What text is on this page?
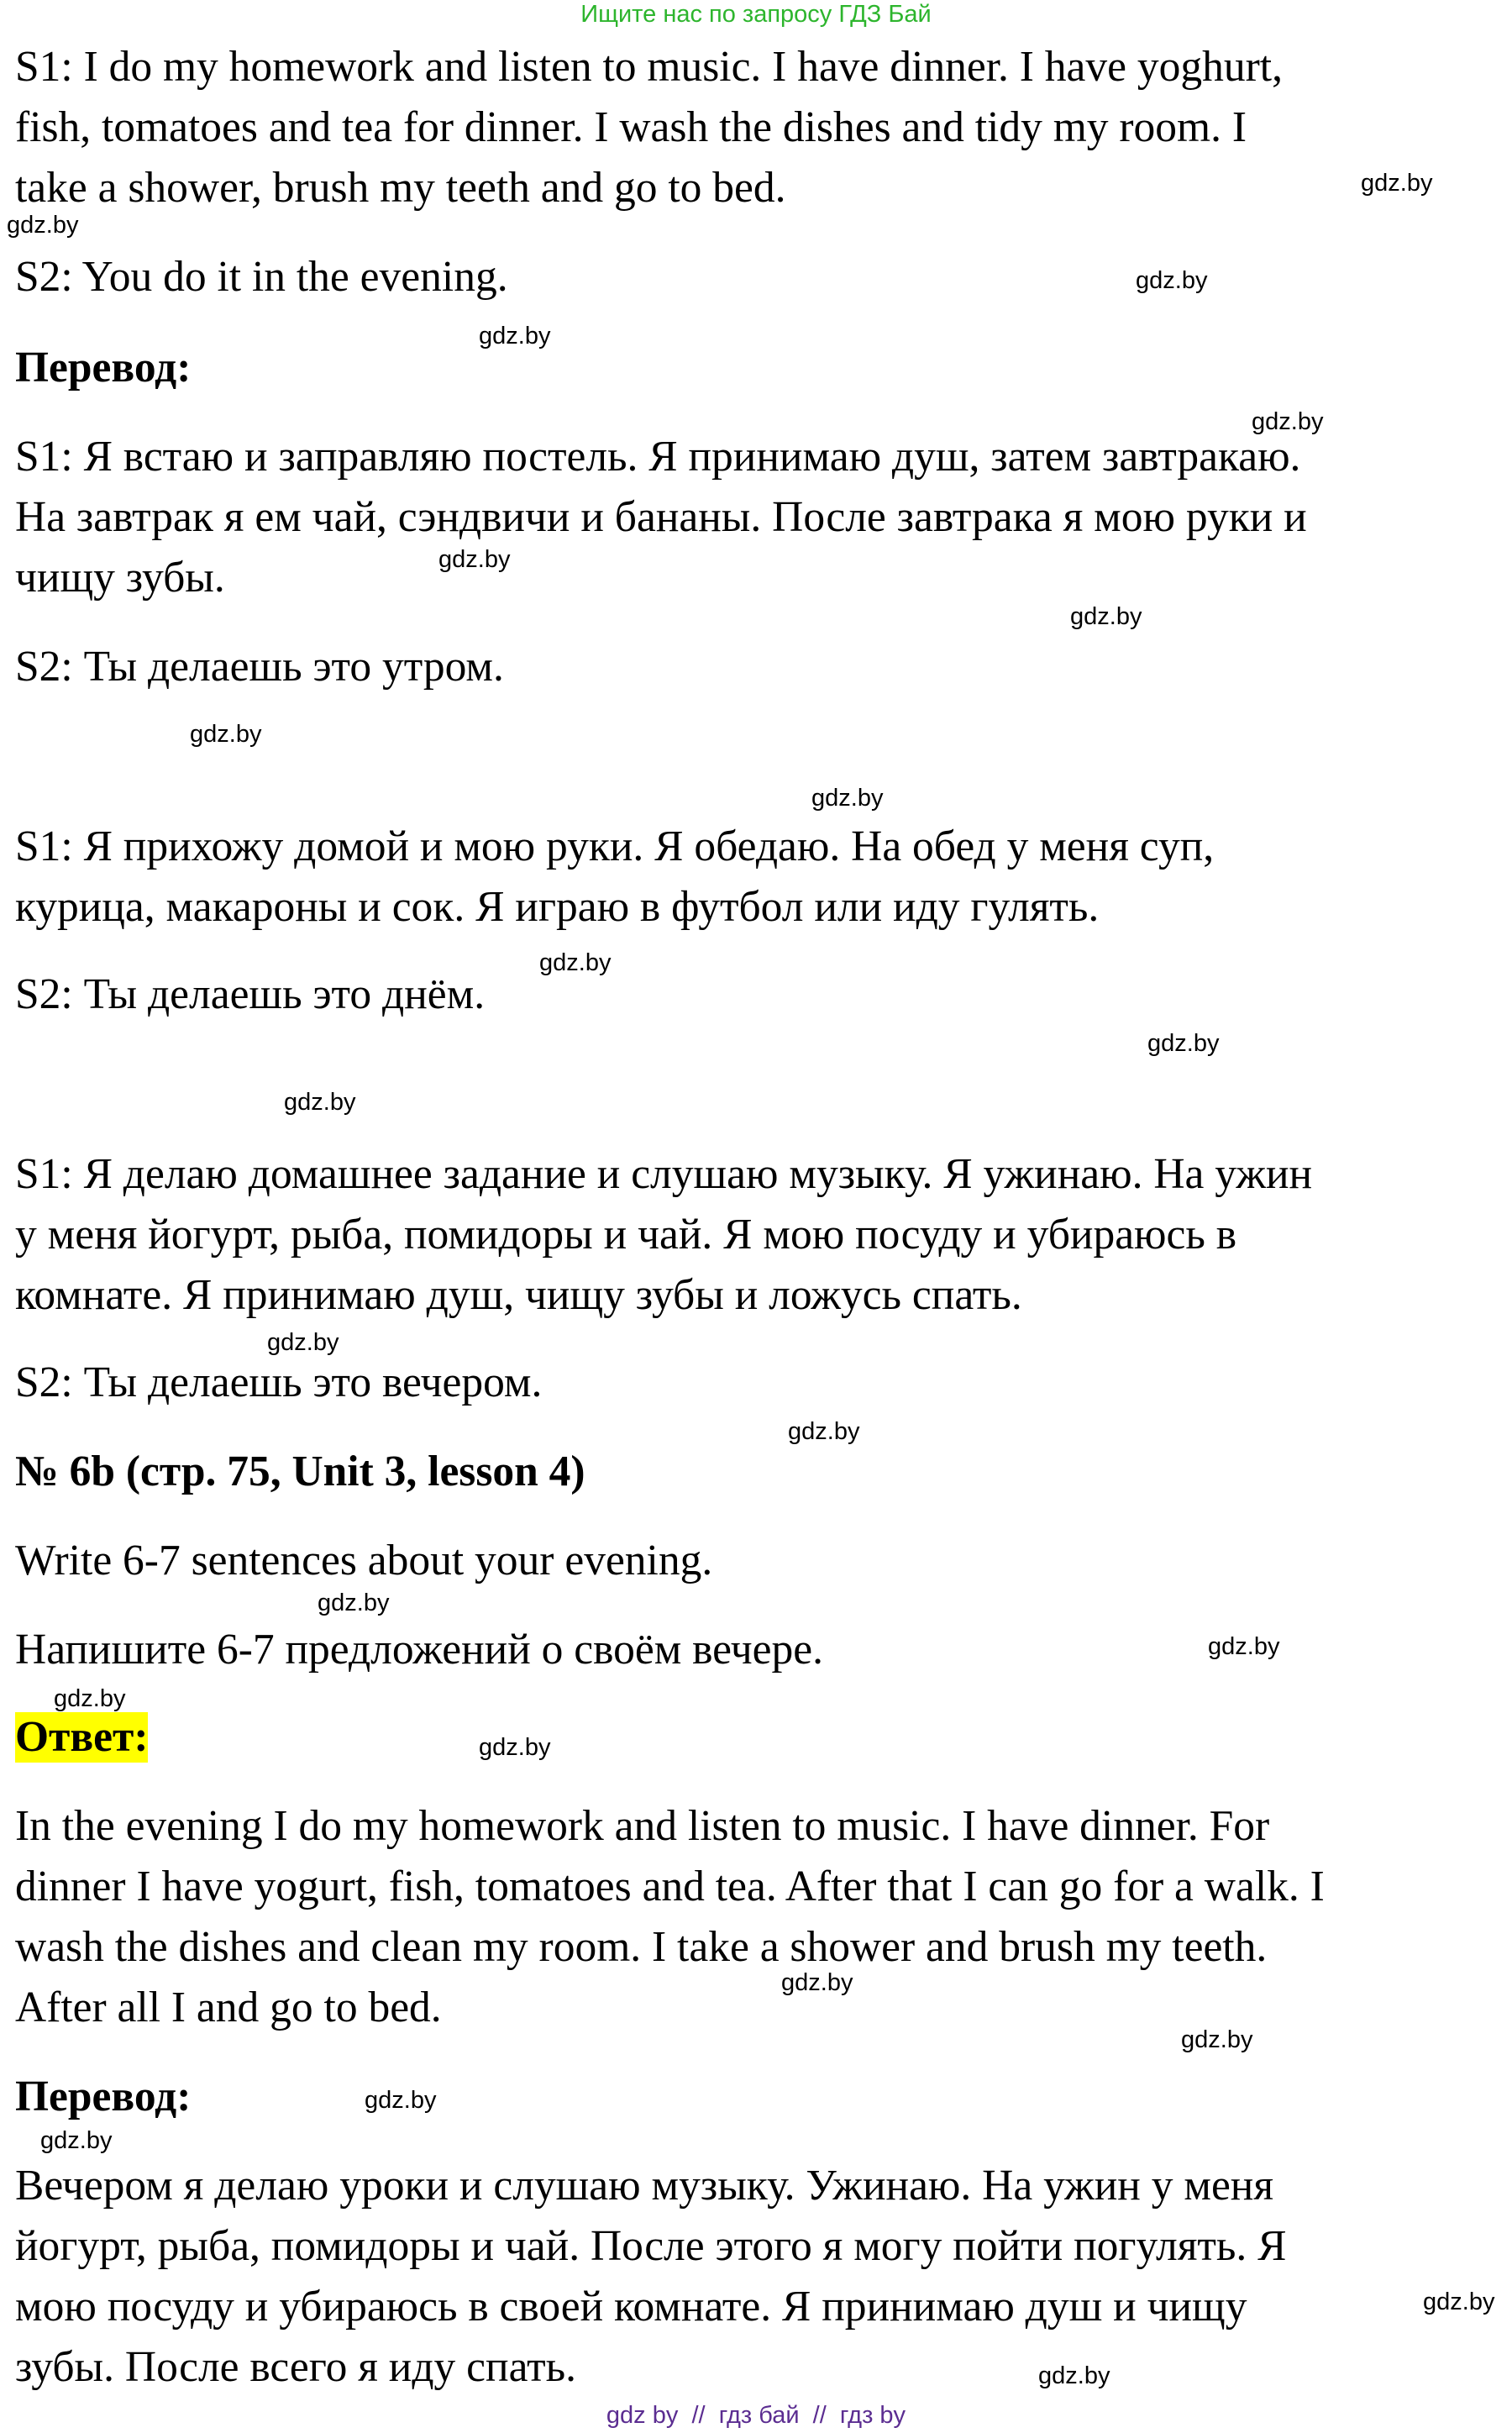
Ищите нас по запросу ГДЗ Бай
S1: I do my homework and listen to music. I have dinner. I have yoghurt,
fish, tomatoes and tea for dinner. I wash the dishes and tidy my room. I
take a shower, brush my teeth and go to bed.
S2: You do it in the evening.
Перевод:
S1: Я встаю и заправляю постель. Я принимаю душ, затем завтракаю.
На завтрак я ем чай, сэндвичи и бананы. После завтрака я мою руки и
чищу зубы.
S2: Ты делаешь это утром.
S1: Я прихожу домой и мою руки. Я обедаю. На обед у меня суп,
курица, макароны и сок. Я играю в футбол или иду гулять.
S2: Ты делаешь это днём.
S1: Я делаю домашнее задание и слушаю музыку. Я ужинаю. На ужин
у меня йогурт, рыба, помидоры и чай. Я мою посуду и убираюсь в
комнате. Я принимаю душ, чищу зубы и ложусь спать.
S2: Ты делаешь это вечером.
№ 6b (стр. 75, Unit 3, lesson 4)
Write 6-7 sentences about your evening.
Напишите 6-7 предложений о своём вечере.
Ответ:
In the evening I do my homework and listen to music. I have dinner. For
dinner I have yogurt, fish, tomatoes and tea. After that I can go for a walk. I
wash the dishes and clean my room. I take a shower and brush my teeth.
After all I and go to bed.
Перевод:
Вечером я делаю уроки и слушаю музыку. Ужинаю. На ужин у меня
йогурт, рыба, помидоры и чай. После этого я могу пойти погулять. Я
мою посуду и убираюсь в своей комнате. Я принимаю душ и чищу
зубы. После всего я иду спать.
gdz.by
gdz.by
gdz.by
gdz.by
gdz.by
gdz.by
gdz.by
gdz.by
gdz.by
gdz.by
gdz.by
gdz.by
gdz.by
gdz.by
gdz.by
gdz.by
gdz.by
gdz.by
gdz.by
gdz.by
gdz.by
gdz.by
gdz.by
gdz.by
gdz by  //  гдз бай  //  гдз by
